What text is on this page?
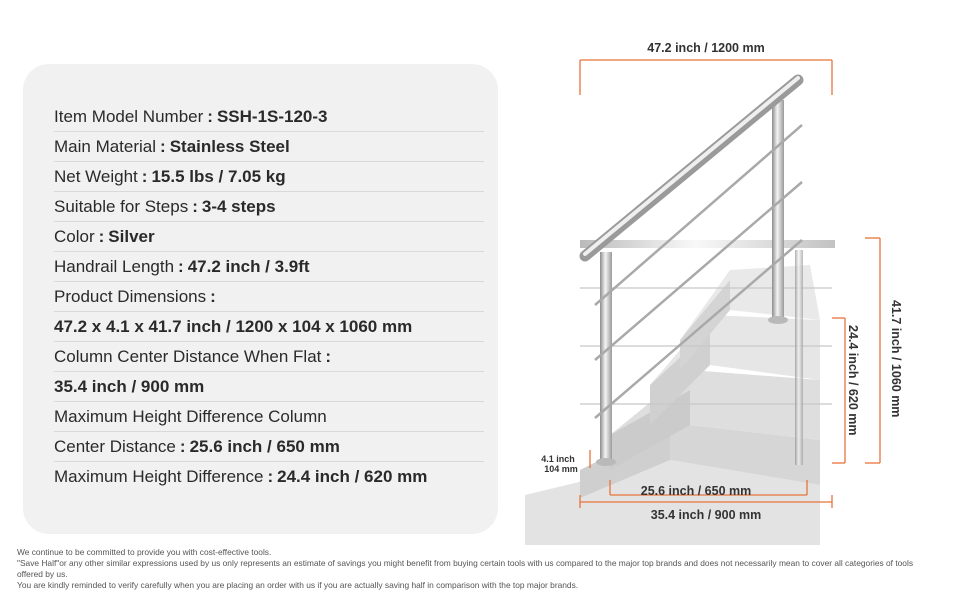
Item Model Number : SSH-1S-120-3
Main Material : Stainless Steel
Net Weight : 15.5 lbs / 7.05 kg
Suitable for Steps : 3-4 steps
Color : Silver
Handrail Length : 47.2 inch / 3.9ft
Product Dimensions :
47.2 x 4.1 x 41.7 inch / 1200 x 104 x 1060 mm
Column Center Distance When Flat :
35.4 inch / 900 mm
Maximum Height Difference Column
Center Distance : 25.6 inch / 650 mm
Maximum Height Difference : 24.4 inch / 620 mm
47.2 inch / 1200 mm
41.7 inch / 1060 mm
24.4 inch / 620 mm
4.1 inch
104 mm
25.6 inch / 650 mm
35.4 inch / 900 mm

We continue to be committed to provide you with cost-effective tools.

"Save Half"or any other similar expressions used by us only represents an estimate of savings you might benefit from buying certain tools with us compared to the major top brands and does not necessarily mean to cover all categories of tools offered by us.

You are kindly reminded to verify carefully when you are placing an order with us if you are actually saving half in comparison with the top major brands.
